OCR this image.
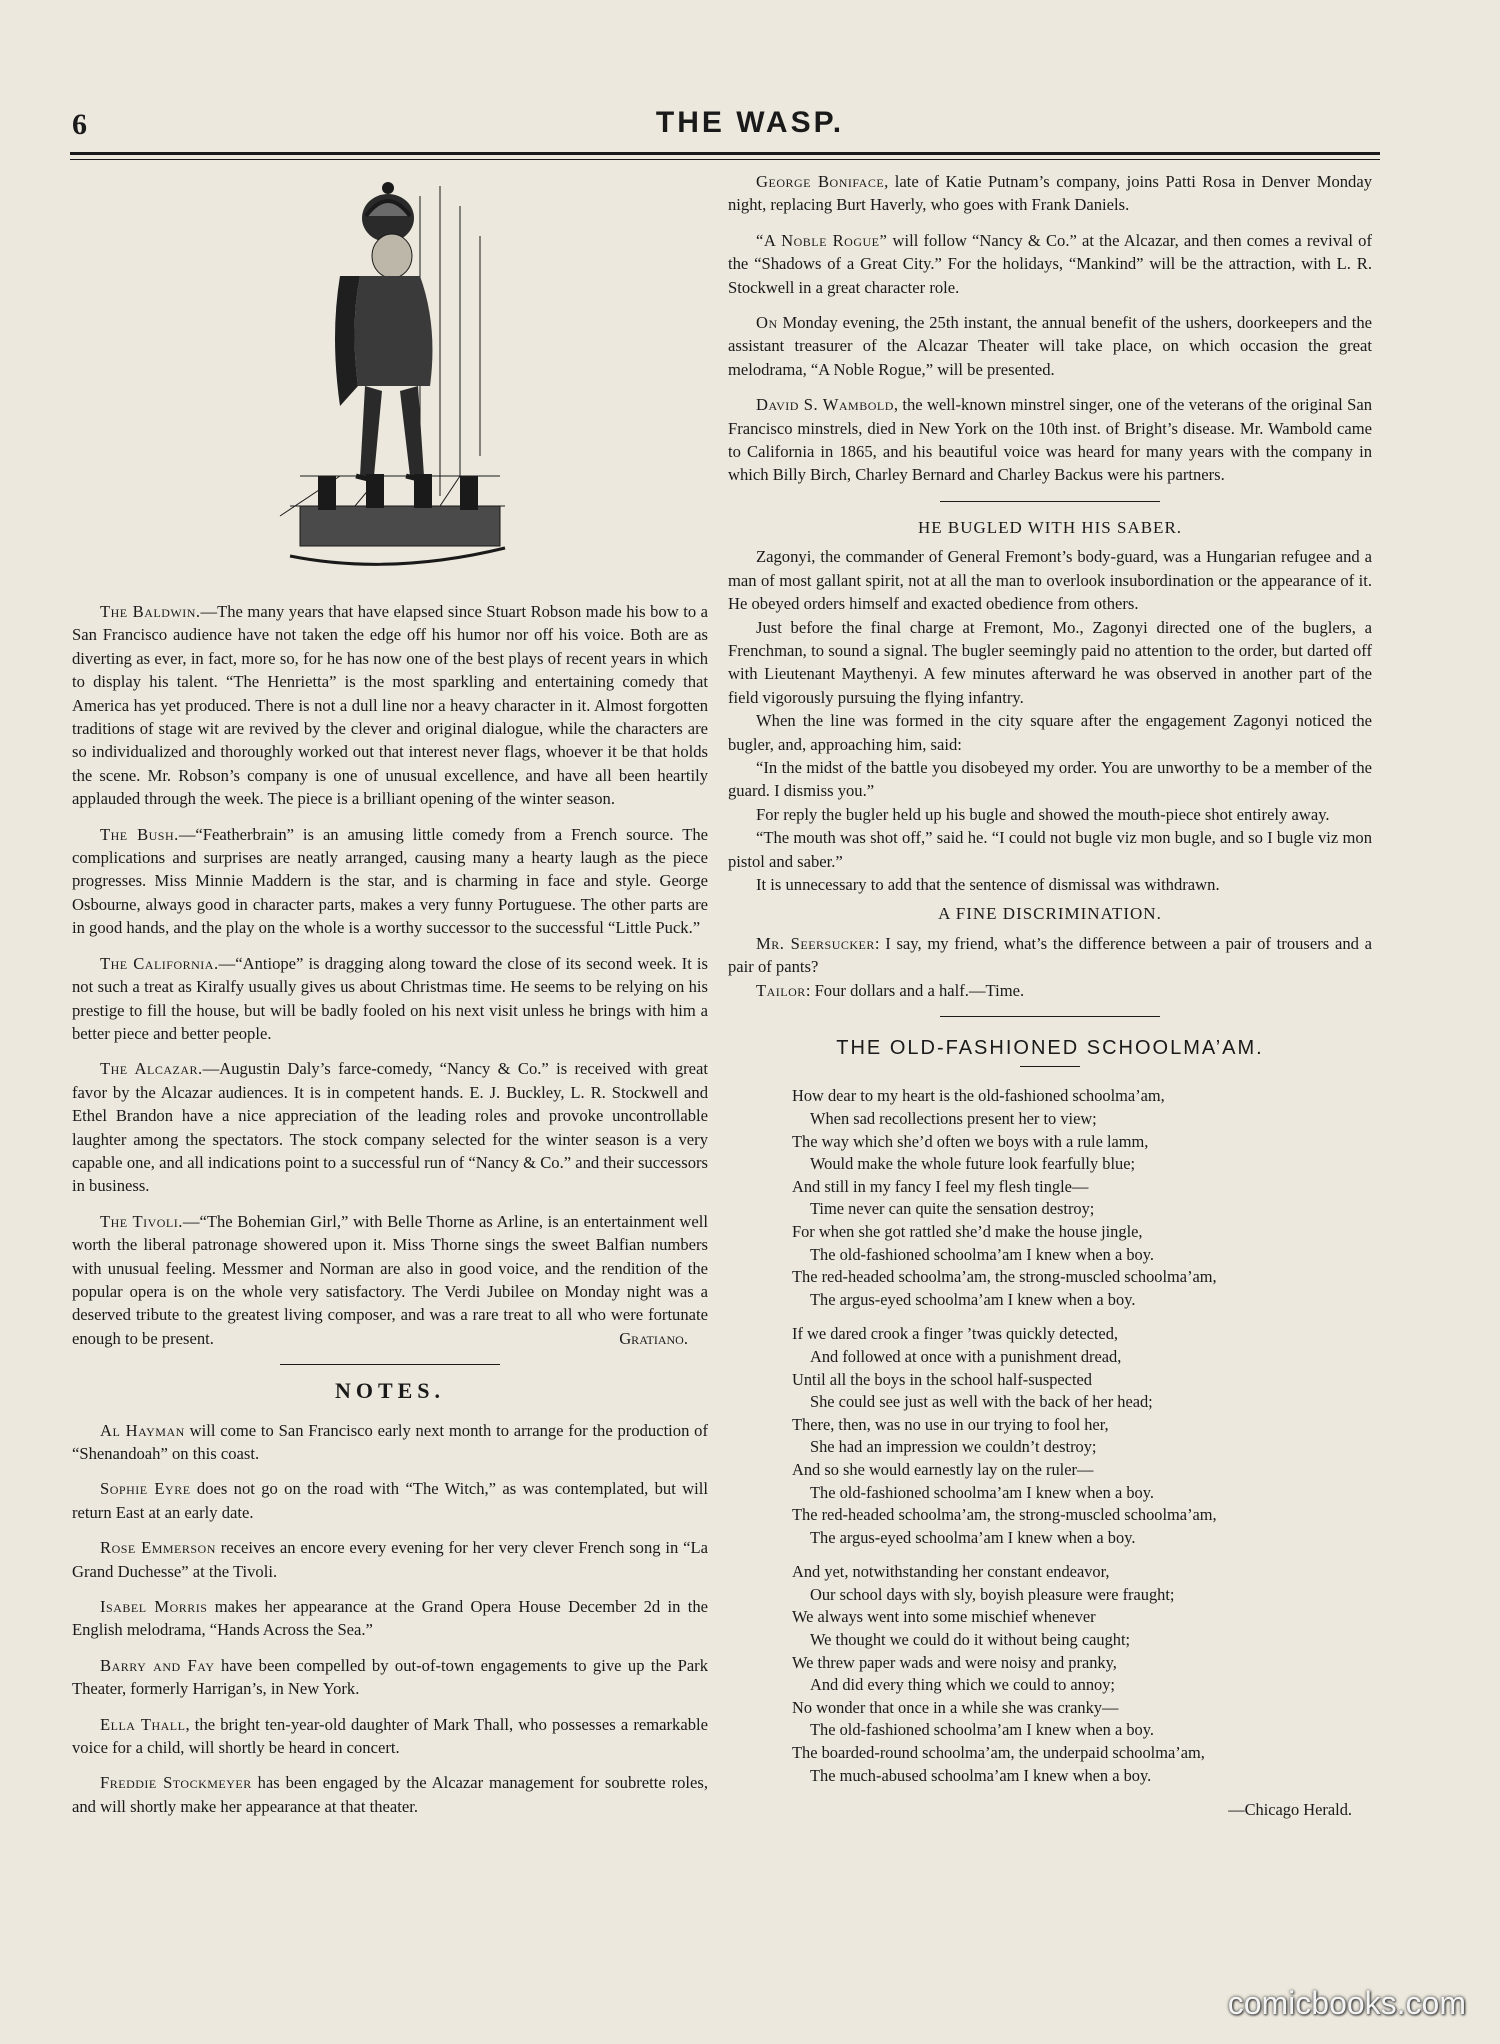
6	THE WASP.

The Baldwin.—The many years that have elapsed since Stuart Robson made his bow to a San Francisco audience have not taken the edge off his humor nor off his voice. Both are as diverting as ever, in fact, more so, for he has now one of the best plays of recent years in which to display his talent. “The Henrietta” is the most sparkling and entertaining comedy that America has yet produced. There is not a dull line nor a heavy character in it. Almost forgotten traditions of stage wit are revived by the clever and original dialogue, while the characters are so individualized and thoroughly worked out that interest never flags, whoever it be that holds the scene. Mr. Robson’s company is one of unusual excellence, and have all been heartily applauded through the week. The piece is a brilliant opening of the winter season.

The Bush.—“Featherbrain” is an amusing little comedy from a French source. The complications and surprises are neatly arranged, causing many a hearty laugh as the piece progresses. Miss Minnie Maddern is the star, and is charming in face and style. George Osbourne, always good in character parts, makes a very funny Portuguese. The other parts are in good hands, and the play on the whole is a worthy successor to the successful “Little Puck.”

The California.—“Antiope” is dragging along toward the close of its second week. It is not such a treat as Kiralfy usually gives us about Christmas time. He seems to be relying on his prestige to fill the house, but will be badly fooled on his next visit unless he brings with him a better piece and better people.

The Alcazar.—Augustin Daly’s farce-comedy, “Nancy & Co.” is received with great favor by the Alcazar audiences. It is in competent hands. E. J. Buckley, L. R. Stockwell and Ethel Brandon have a nice appreciation of the leading roles and provoke uncontrollable laughter among the spectators. The stock company selected for the winter season is a very capable one, and all indications point to a successful run of “Nancy & Co.” and their successors in business.

The Tivoli.—“The Bohemian Girl,” with Belle Thorne as Arline, is an entertainment well worth the liberal patronage showered upon it. Miss Thorne sings the sweet Balfian numbers with unusual feeling. Messmer and Norman are also in good voice, and the rendition of the popular opera is on the whole very satisfactory. The Verdi Jubilee on Monday night was a deserved tribute to the greatest living composer, and was a rare treat to all who were fortunate enough to be present.	Gratiano.

NOTES.

Al Hayman will come to San Francisco early next month to arrange for the production of “Shenandoah” on this coast.

Sophie Eyre does not go on the road with “The Witch,” as was contemplated, but will return East at an early date.

Rose Emmerson receives an encore every evening for her very clever French song in “La Grand Duchesse” at the Tivoli.

Isabel Morris makes her appearance at the Grand Opera House December 2d in the English melodrama, “Hands Across the Sea.”

Barry and Fay have been compelled by out-of-town engagements to give up the Park Theater, formerly Harrigan’s, in New York.

Ella Thall, the bright ten-year-old daughter of Mark Thall, who possesses a remarkable voice for a child, will shortly be heard in concert.

Freddie Stockmeyer has been engaged by the Alcazar management for soubrette roles, and will shortly make her appearance at that theater.

George Boniface, late of Katie Putnam’s company, joins Patti Rosa in Denver Monday night, replacing Burt Haverly, who goes with Frank Daniels.

“A Noble Rogue” will follow “Nancy & Co.” at the Alcazar, and then comes a revival of the “Shadows of a Great City.” For the holidays, “Mankind” will be the attraction, with L. R. Stockwell in a great character role.

On Monday evening, the 25th instant, the annual benefit of the ushers, doorkeepers and the assistant treasurer of the Alcazar Theater will take place, on which occasion the great melodrama, “A Noble Rogue,” will be presented.

David S. Wambold, the well-known minstrel singer, one of the veterans of the original San Francisco minstrels, died in New York on the 10th inst. of Bright’s disease. Mr. Wambold came to California in 1865, and his beautiful voice was heard for many years with the company in which Billy Birch, Charley Bernard and Charley Backus were his partners.

HE BUGLED WITH HIS SABER.

Zagonyi, the commander of General Fremont’s body-guard, was a Hungarian refugee and a man of most gallant spirit, not at all the man to overlook insubordination or the appearance of it. He obeyed orders himself and exacted obedience from others.

Just before the final charge at Fremont, Mo., Zagonyi directed one of the buglers, a Frenchman, to sound a signal. The bugler seemingly paid no attention to the order, but darted off with Lieutenant Maythenyi. A few minutes afterward he was observed in another part of the field vigorously pursuing the flying infantry.

When the line was formed in the city square after the engagement Zagonyi noticed the bugler, and, approaching him, said:

“In the midst of the battle you disobeyed my order. You are unworthy to be a member of the guard. I dismiss you.”

For reply the bugler held up his bugle and showed the mouth-piece shot entirely away.

“The mouth was shot off,” said he. “I could not bugle viz mon bugle, and so I bugle viz mon pistol and saber.”

It is unnecessary to add that the sentence of dismissal was withdrawn.

A FINE DISCRIMINATION.

Mr. Seersucker: I say, my friend, what’s the difference between a pair of trousers and a pair of pants?

Tailor: Four dollars and a half.—Time.

THE OLD-FASHIONED SCHOOLMA’AM.
How dear to my heart is the old-fashioned schoolma’am,
When sad recollections present her to view;
The way which she’d often we boys with a rule lamm,
Would make the whole future look fearfully blue;
And still in my fancy I feel my flesh tingle—
Time never can quite the sensation destroy;
For when she got rattled she’d make the house jingle,
The old-fashioned schoolma’am I knew when a boy.
The red-headed schoolma’am, the strong-muscled schoolma’am,
The argus-eyed schoolma’am I knew when a boy.
If we dared crook a finger ’twas quickly detected,
And followed at once with a punishment dread,
Until all the boys in the school half-suspected
She could see just as well with the back of her head;
There, then, was no use in our trying to fool her,
She had an impression we couldn’t destroy;
And so she would earnestly lay on the ruler—
The old-fashioned schoolma’am I knew when a boy.
The red-headed schoolma’am, the strong-muscled schoolma’am,
The argus-eyed schoolma’am I knew when a boy.
And yet, notwithstanding her constant endeavor,
Our school days with sly, boyish pleasure were fraught;
We always went into some mischief whenever
We thought we could do it without being caught;
We threw paper wads and were noisy and pranky,
And did every thing which we could to annoy;
No wonder that once in a while she was cranky—
The old-fashioned schoolma’am I knew when a boy.
The boarded-round schoolma’am, the underpaid schoolma’am,
The much-abused schoolma’am I knew when a boy.
—Chicago Herald.
comicbooks.com
